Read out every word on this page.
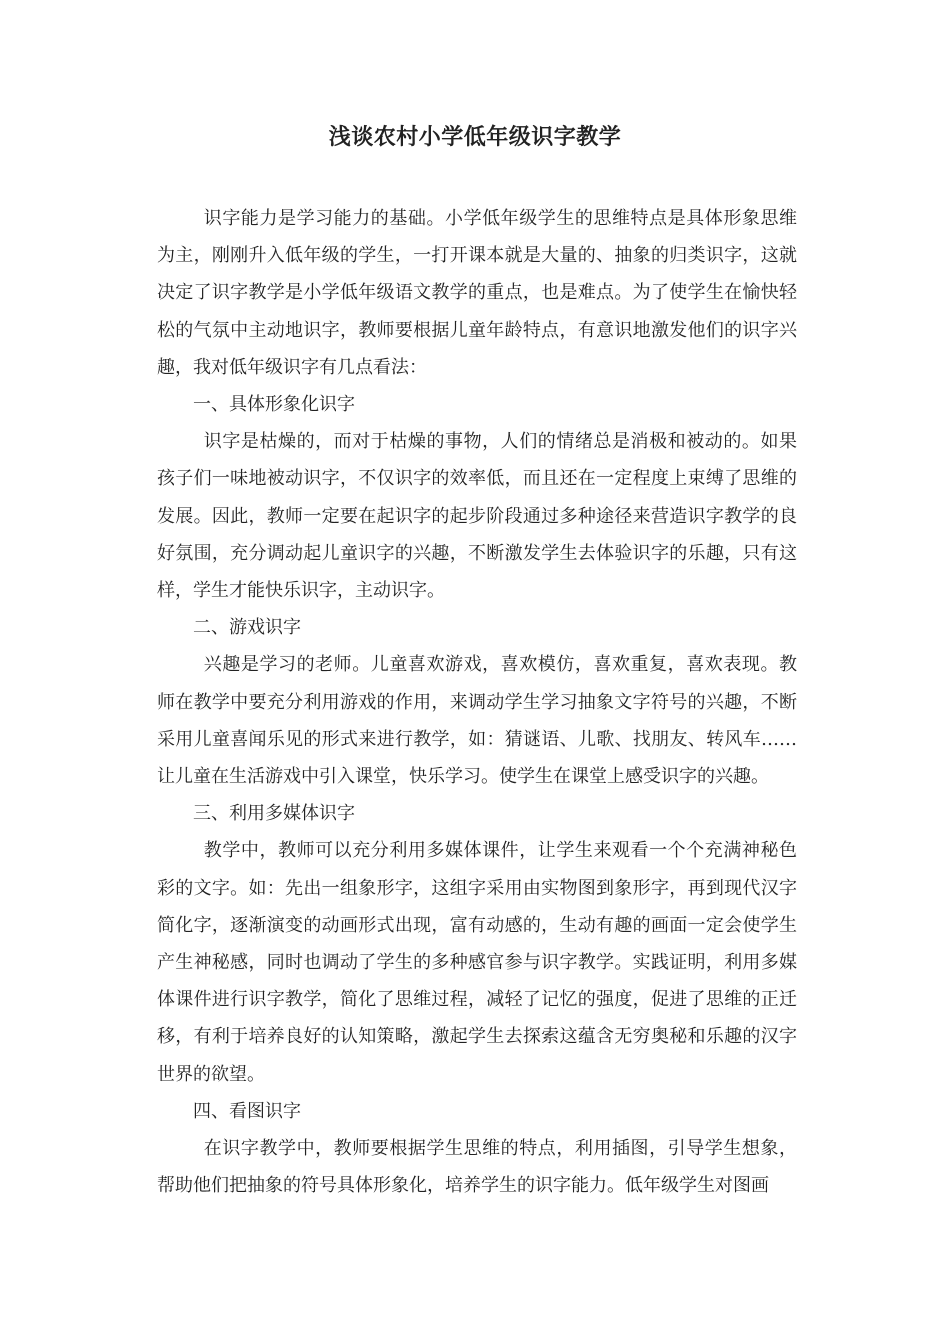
浅谈农村小学低年级识字教学

识字能力是学习能力的基础。小学低年级学生的思维特点是具体形象思维为主，刚刚升入低年级的学生，一打开课本就是大量的、抽象的归类识字，这就决定了识字教学是小学低年级语文教学的重点，也是难点。为了使学生在愉快轻松的气氛中主动地识字，教师要根据儿童年龄特点，有意识地激发他们的识字兴趣，我对低年级识字有几点看法：

一、具体形象化识字

识字是枯燥的，而对于枯燥的事物，人们的情绪总是消极和被动的。如果孩子们一味地被动识字，不仅识字的效率低，而且还在一定程度上束缚了思维的发展。因此，教师一定要在起识字的起步阶段通过多种途径来营造识字教学的良好氛围，充分调动起儿童识字的兴趣，不断激发学生去体验识字的乐趣，只有这样，学生才能快乐识字，主动识字。

二、游戏识字

兴趣是学习的老师。儿童喜欢游戏，喜欢模仿，喜欢重复，喜欢表现。教师在教学中要充分利用游戏的作用，来调动学生学习抽象文字符号的兴趣，不断采用儿童喜闻乐见的形式来进行教学，如：猜谜语、儿歌、找朋友、转风车……让儿童在生活游戏中引入课堂，快乐学习。使学生在课堂上感受识字的兴趣。

三、利用多媒体识字

教学中，教师可以充分利用多媒体课件，让学生来观看一个个充满神秘色彩的文字。如：先出一组象形字，这组字采用由实物图到象形字，再到现代汉字简化字，逐渐演变的动画形式出现，富有动感的，生动有趣的画面一定会使学生产生神秘感，同时也调动了学生的多种感官参与识字教学。实践证明，利用多媒体课件进行识字教学，简化了思维过程，减轻了记忆的强度，促进了思维的正迁移，有利于培养良好的认知策略，激起学生去探索这蕴含无穷奥秘和乐趣的汉字世界的欲望。

四、看图识字

在识字教学中，教师要根据学生思维的特点，利用插图，引导学生想象，帮助他们把抽象的符号具体形象化，培养学生的识字能力。低年级学生对图画
